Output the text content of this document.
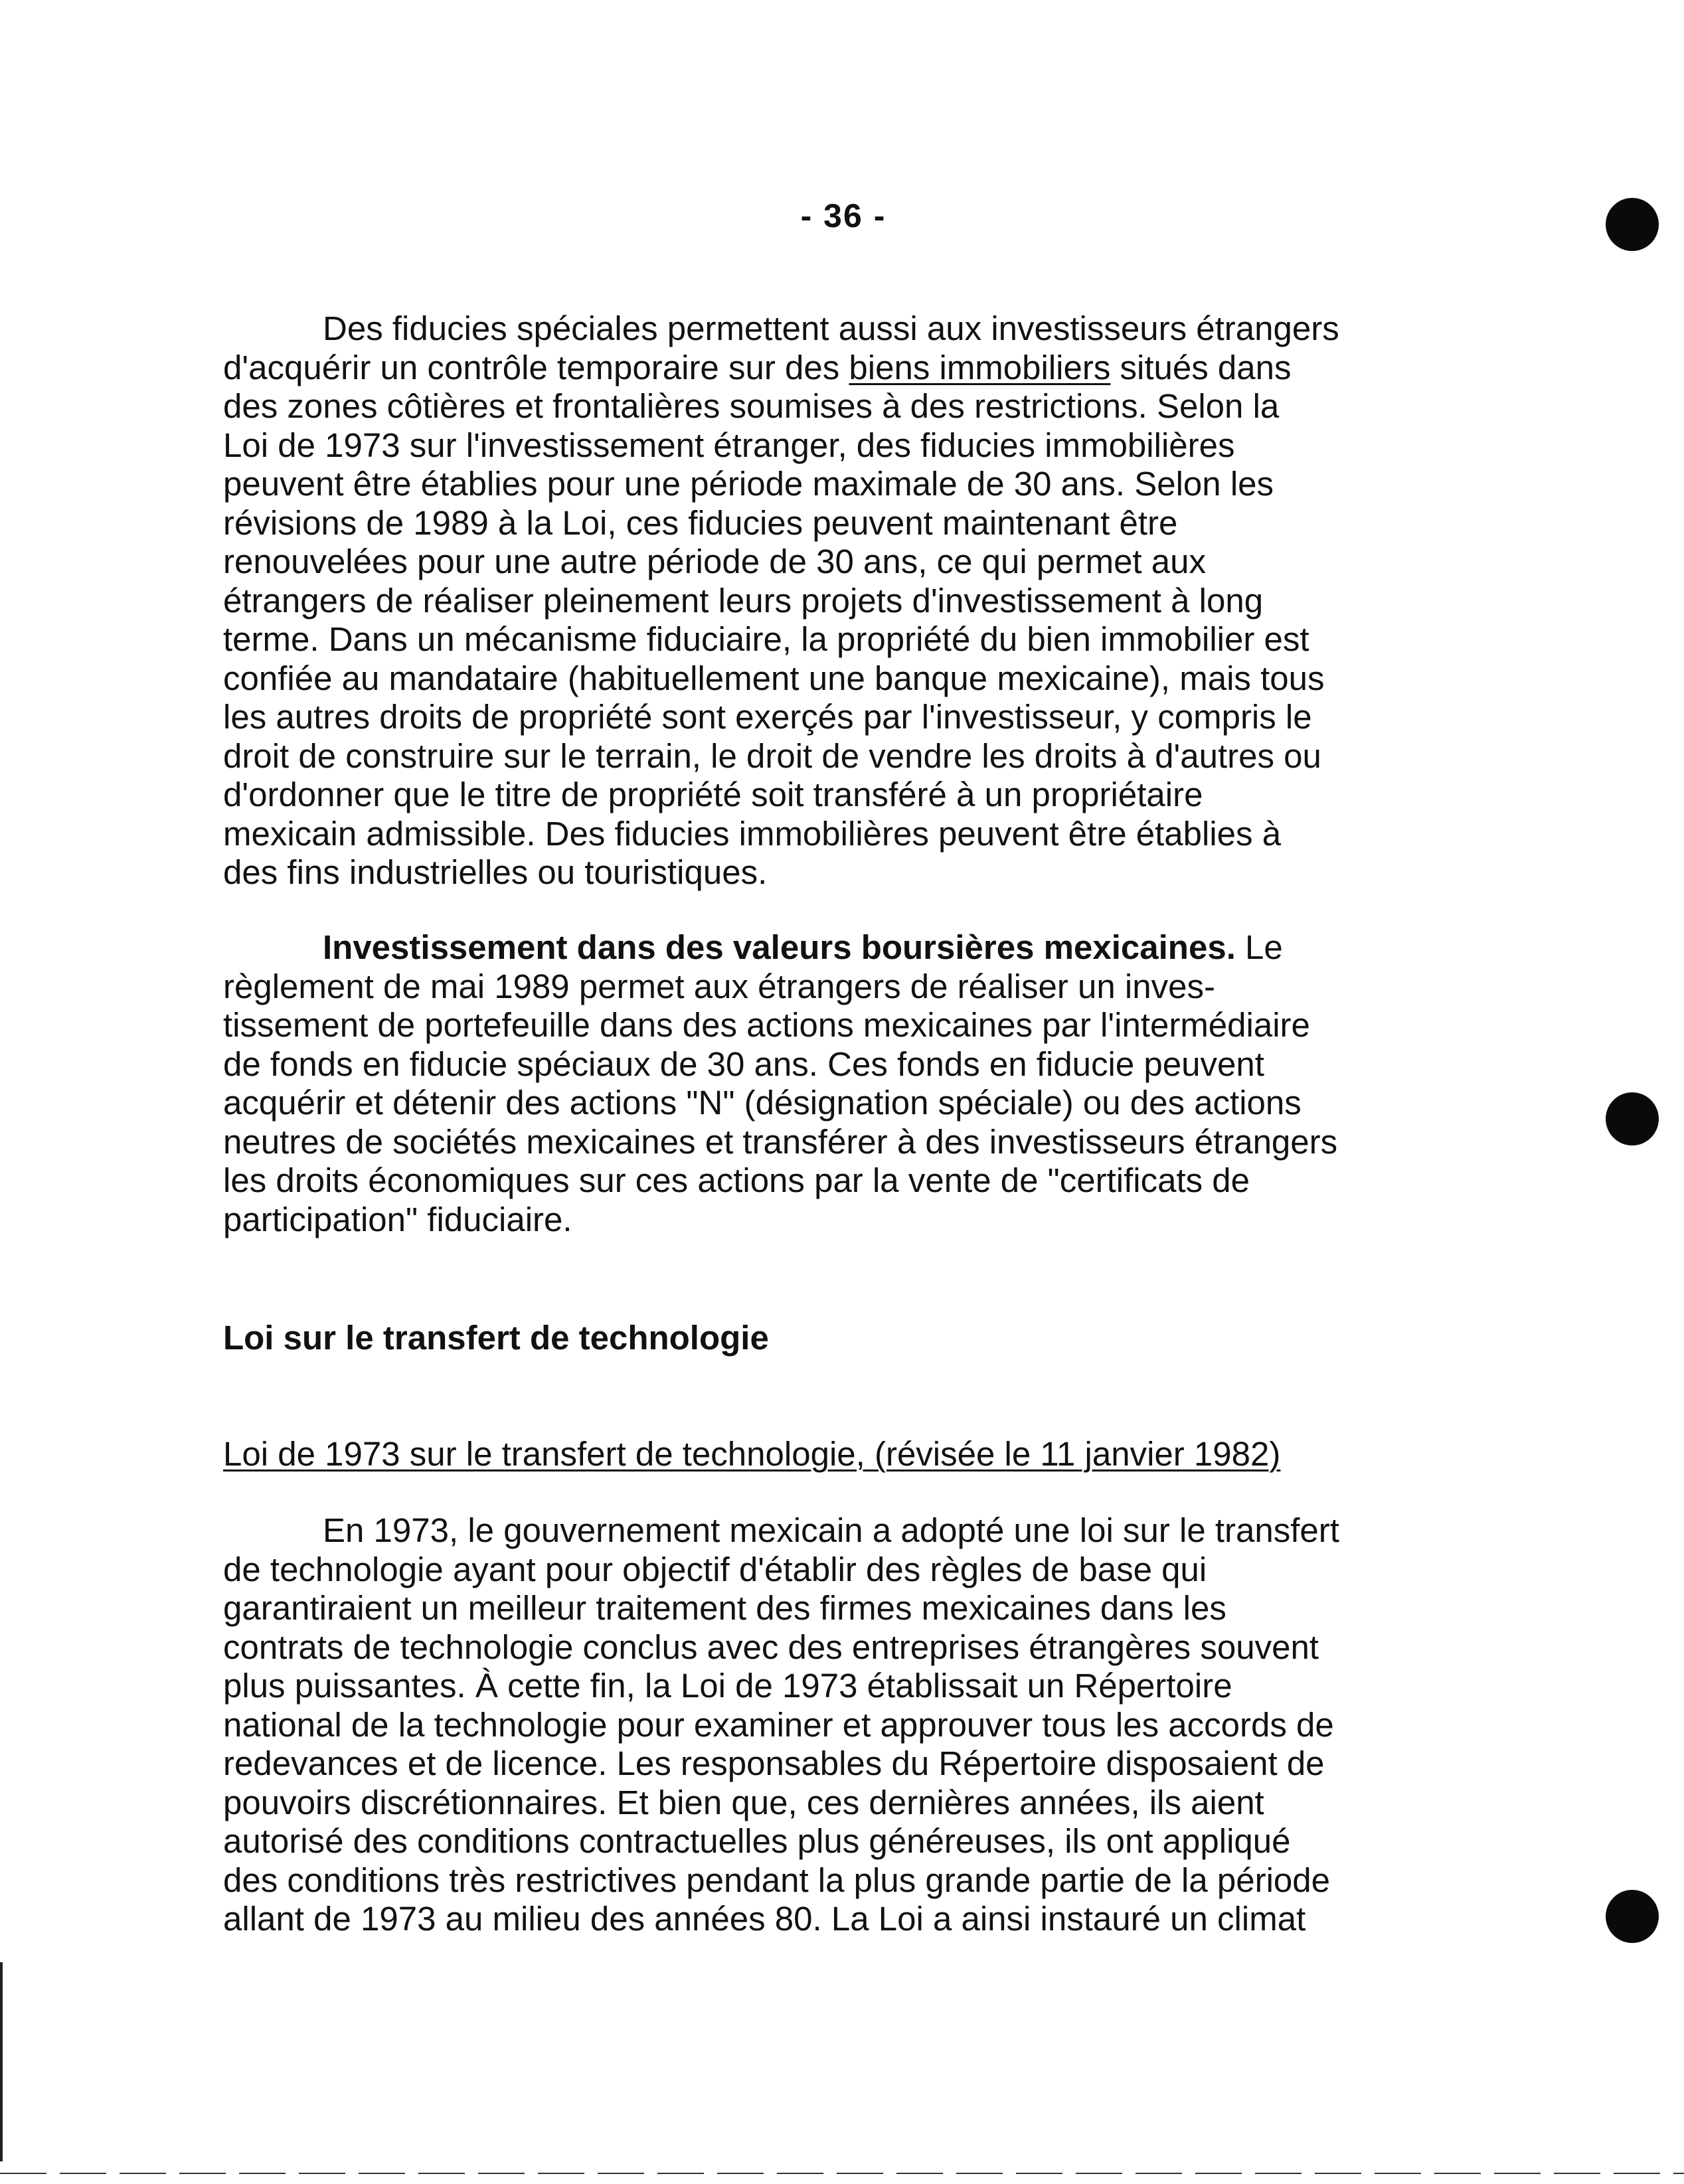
- 36 -
Des fiducies spéciales permettent aussi aux investisseurs étrangers
d'acquérir un contrôle temporaire sur des biens immobiliers situés dans
des zones côtières et frontalières soumises à des restrictions. Selon la
Loi de 1973 sur l'investissement étranger, des fiducies immobilières
peuvent être établies pour une période maximale de 30 ans. Selon les
révisions de 1989 à la Loi, ces fiducies peuvent maintenant être
renouvelées pour une autre période de 30 ans, ce qui permet aux
étrangers de réaliser pleinement leurs projets d'investissement à long
terme. Dans un mécanisme fiduciaire, la propriété du bien immobilier est
confiée au mandataire (habituellement une banque mexicaine), mais tous
les autres droits de propriété sont exerçés par l'investisseur, y compris le
droit de construire sur le terrain, le droit de vendre les droits à d'autres ou
d'ordonner que le titre de propriété soit transféré à un propriétaire
mexicain admissible. Des fiducies immobilières peuvent être établies à
des fins industrielles ou touristiques.
Investissement dans des valeurs boursières mexicaines. Le
règlement de mai 1989 permet aux étrangers de réaliser un inves-
tissement de portefeuille dans des actions mexicaines par l'intermédiaire
de fonds en fiducie spéciaux de 30 ans. Ces fonds en fiducie peuvent
acquérir et détenir des actions "N" (désignation spéciale) ou des actions
neutres de sociétés mexicaines et transférer à des investisseurs étrangers
les droits économiques sur ces actions par la vente de "certificats de
participation" fiduciaire.
Loi sur le transfert de technologie
Loi de 1973 sur le transfert de technologie, (révisée le 11 janvier 1982)
En 1973, le gouvernement mexicain a adopté une loi sur le transfert
de technologie ayant pour objectif d'établir des règles de base qui
garantiraient un meilleur traitement des firmes mexicaines dans les
contrats de technologie conclus avec des entreprises étrangères souvent
plus puissantes. À cette fin, la Loi de 1973 établissait un Répertoire
national de la technologie pour examiner et approuver tous les accords de
redevances et de licence. Les responsables du Répertoire disposaient de
pouvoirs discrétionnaires. Et bien que, ces dernières années, ils aient
autorisé des conditions contractuelles plus généreuses, ils ont appliqué
des conditions très restrictives pendant la plus grande partie de la période
allant de 1973 au milieu des années 80. La Loi a ainsi instauré un climat
